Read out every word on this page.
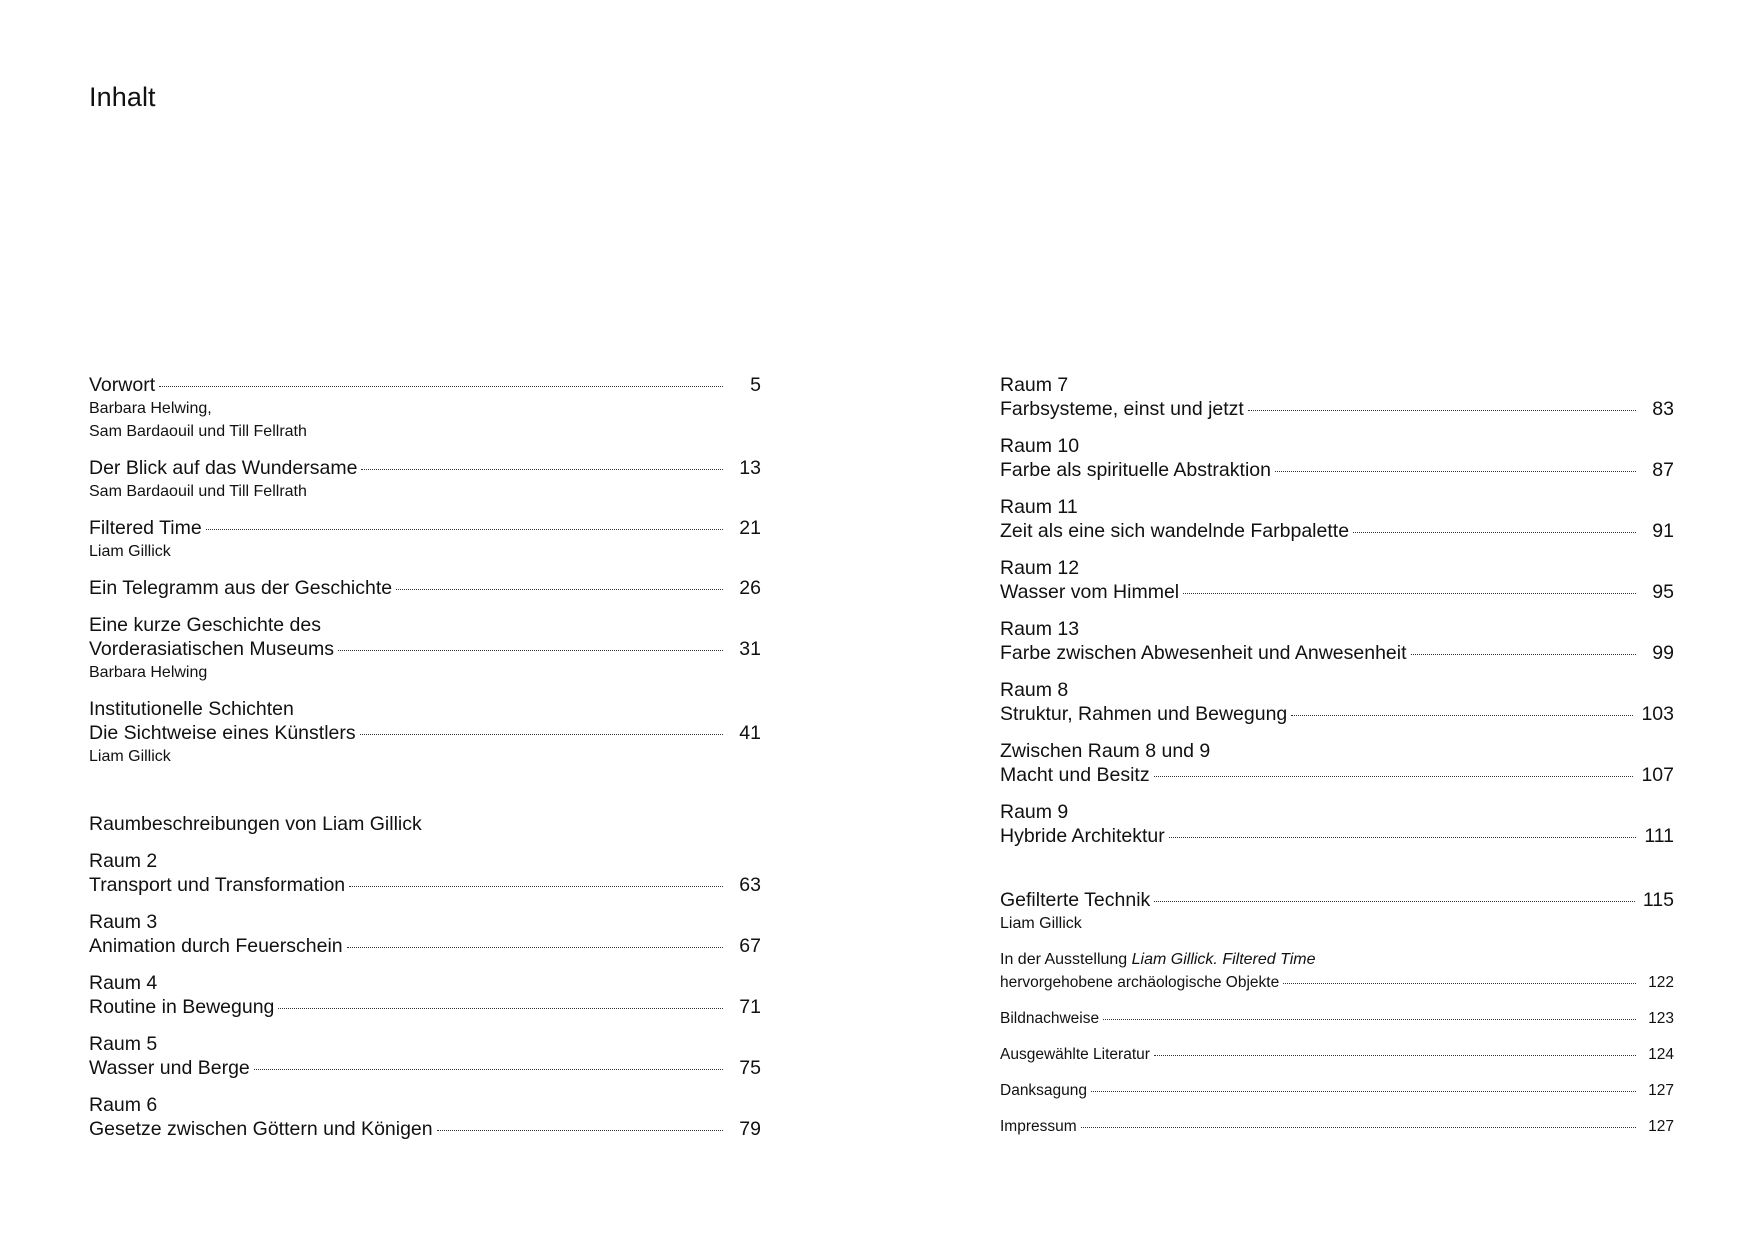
Inhalt
Vorwort	5
Barbara Helwing,
Sam Bardaouil und Till Fellrath
Der Blick auf das Wundersame	13
Sam Bardaouil und Till Fellrath
Filtered Time	21
Liam Gillick
Ein Telegramm aus der Geschichte	26
Eine kurze Geschichte des
Vorderasiatischen Museums	31
Barbara Helwing
Institutionelle Schichten
Die Sichtweise eines Künstlers	41
Liam Gillick
Raumbeschreibungen von Liam Gillick
Raum 2
Transport und Transformation	63
Raum 3
Animation durch Feuerschein	67
Raum 4
Routine in Bewegung	71
Raum 5
Wasser und Berge	75
Raum 6
Gesetze zwischen Göttern und Königen	79
Raum 7
Farbsysteme, einst und jetzt	83
Raum 10
Farbe als spirituelle Abstraktion	87
Raum 11
Zeit als eine sich wandelnde Farbpalette	91
Raum 12
Wasser vom Himmel	95
Raum 13
Farbe zwischen Abwesenheit und Anwesenheit	99
Raum 8
Struktur, Rahmen und Bewegung	103
Zwischen Raum 8 und 9
Macht und Besitz	107
Raum 9
Hybride Architektur	111
Gefilterte Technik	115
Liam Gillick
In der Ausstellung Liam Gillick. Filtered Time
hervorgehobene archäologische Objekte	122
Bildnachweise	123
Ausgewählte Literatur	124
Danksagung	127
Impressum	127
